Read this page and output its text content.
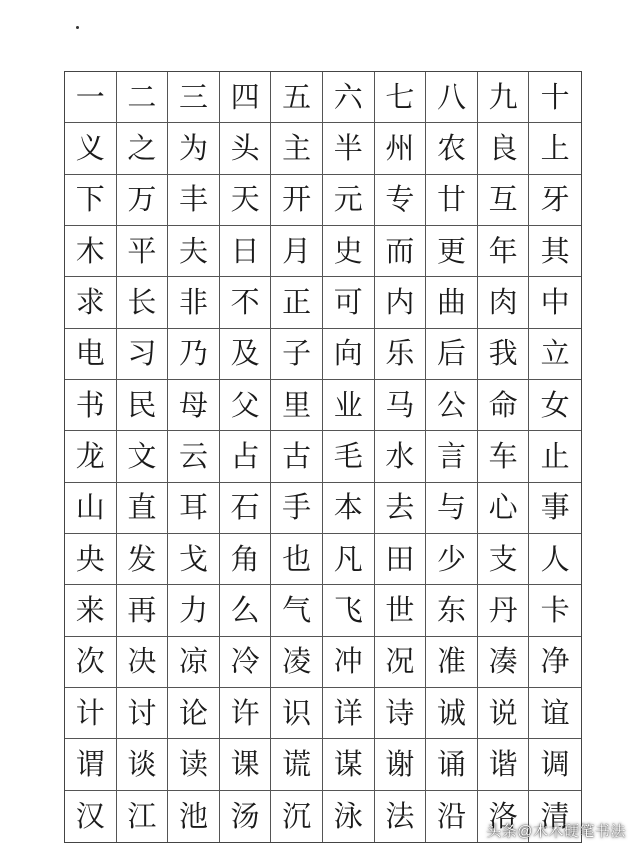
一 二 三 四 五 六 七 八 九 十
义 之 为 头 主 半 州 农 良 上
下 万 丰 天 开 元 专 廿 互 牙
木 平 夫 日 月 史 而 更 年 其
求 长 非 不 正 可 内 曲 肉 中
电 习 乃 及 子 向 乐 后 我 立
书 民 母 父 里 业 马 公 命 女
龙 文 云 占 古 毛 水 言 车 止
山 直 耳 石 手 本 去 与 心 事
央 发 戈 角 也 凡 田 少 支 人
来 再 力 么 气 飞 世 东 丹 卡
次 决 凉 冷 凌 冲 况 准 凑 净
计 讨 论 许 识 详 诗 诚 说 谊
谓 谈 读 课 谎 谋 谢 诵 谐 调
汉 江 池 汤 沉 泳 法 沿 洛 清
头条@木木硬笔书法
